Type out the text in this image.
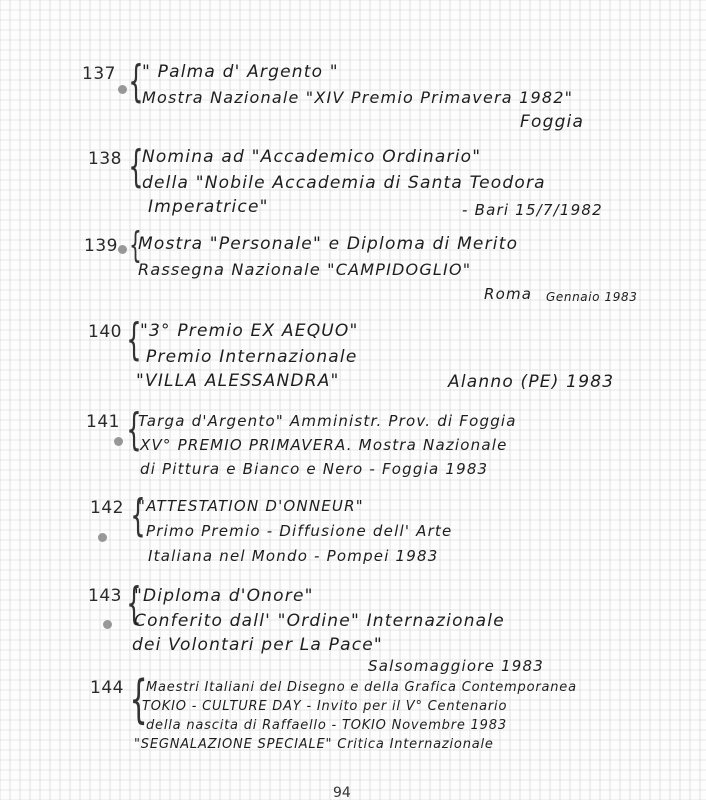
137 {
" Palma d' Argento "
Mostra Nazionale "XIV Premio Primavera 1982"
Foggia
138 {
Nomina ad "Accademico Ordinario"
della "Nobile Accademia di Santa Teodora
Imperatrice"	- Bari 15/7/1982
139 {
Mostra "Personale" e Diploma di Merito
Rassegna Nazionale "CAMPIDOGLIO"
Roma Gennaio 1983
140 {
"3° Premio EX AEQUO"
Premio Internazionale
"VILLA ALESSANDRA"	Alanno (PE) 1983
141 {
Targa d'Argento" Amministr. Prov. di Foggia
XV° PREMIO PRIMAVERA. Mostra Nazionale
di Pittura e Bianco e Nero - Foggia 1983
142 {
"ATTESTATION D'ONNEUR"
Primo Premio - Diffusione dell' Arte
Italiana nel Mondo - Pompei 1983
143 {
"Diploma d'Onore"
Conferito dall' "Ordine" Internazionale
dei Volontari per La Pace"
Salsomaggiore 1983
144 {
Maestri Italiani del Disegno e della Grafica Contemporanea
TOKIO - CULTURE DAY - Invito per il V° Centenario
della nascita di Raffaello - TOKIO Novembre 1983
"SEGNALAZIONE SPECIALE" Critica Internazionale
94
